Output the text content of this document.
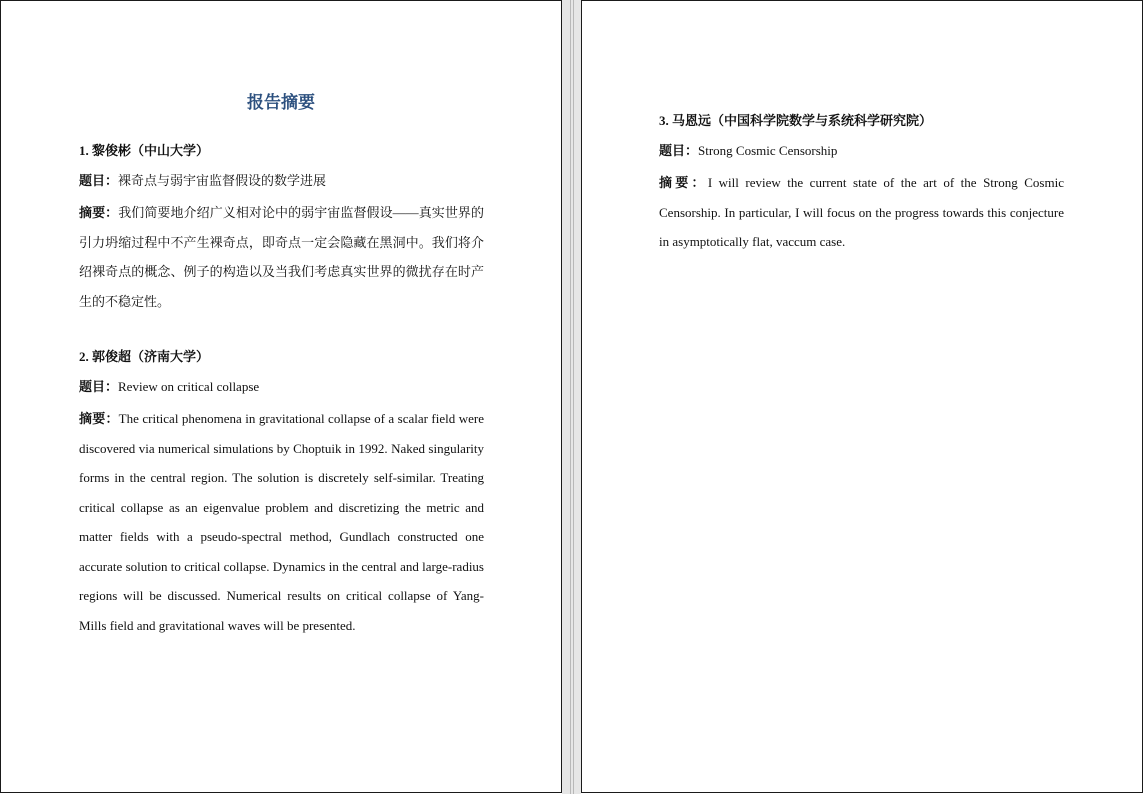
报告摘要
1. 黎俊彬（中山大学）
题目：裸奇点与弱宇宙监督假设的数学进展

摘要：我们简要地介绍广义相对论中的弱宇宙监督假设——真实世界的引力坍缩过程中不产生裸奇点，即奇点一定会隐藏在黑洞中。我们将介绍裸奇点的概念、例子的构造以及当我们考虑真实世界的微扰存在时产生的不稳定性。

2. 郭俊超（济南大学）
题目：Review on critical collapse

摘要：The critical phenomena in gravitational collapse of a scalar field were discovered via numerical simulations by Choptuik in 1992. Naked singularity forms in the central region. The solution is discretely self-similar. Treating critical collapse as an eigenvalue problem and discretizing the metric and matter fields with a pseudo-spectral method, Gundlach constructed one accurate solution to critical collapse. Dynamics in the central and large-radius regions will be discussed. Numerical results on critical collapse of Yang-Mills field and gravitational waves will be presented.

3. 马恩远（中国科学院数学与系统科学研究院）
题目：Strong Cosmic Censorship

摘要：I will review the current state of the art of the Strong Cosmic Censorship. In particular, I will focus on the progress towards this conjecture in asymptotically flat, vaccum case.
